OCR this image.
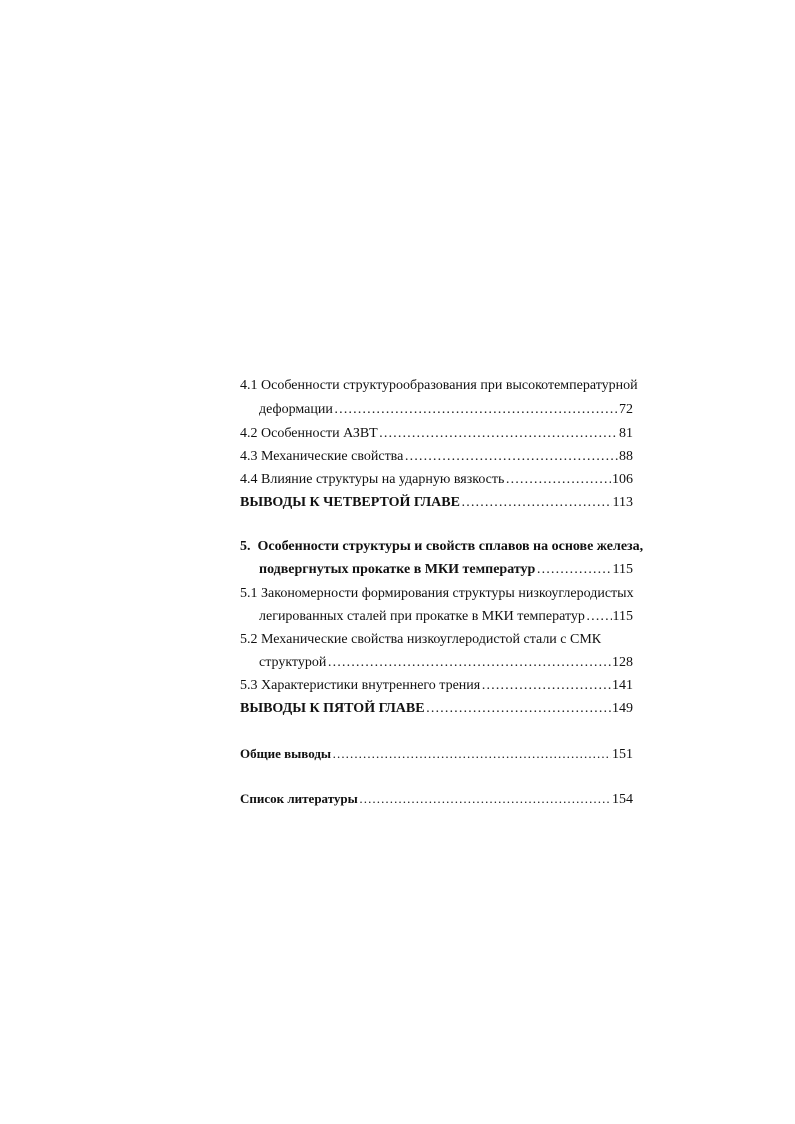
4.1 Особенности структурообразования при высокотемпературной
деформации ……………………………………………………………………………………………………………………………………	72
4.2 Особенности АЗВТ ……………………………………………………………………………………………………………………………………	81
4.3 Механические свойства ……………………………………………………………………………………………………………………………………	88
4.4 Влияние структуры на ударную вязкость ……………………………………………………………………………………………………………………………………	106
ВЫВОДЫ К ЧЕТВЕРТОЙ ГЛАВЕ ……………………………………………………………………………………………………………………………………	113
5.  Особенности структуры и свойств сплавов на основе железа,
подвергнутых прокатке в МКИ температур ……………………………………………………………………………………………………………………………………	115
5.1 Закономерности формирования структуры низкоуглеродистых
легированных сталей при прокатке в МКИ температур …………………………………………………………………………………………………………………………………… 115
5.2 Механические свойства низкоуглеродистой стали с СМК
структурой ……………………………………………………………………………………………………………………………………	128
5.3 Характеристики внутреннего трения ……………………………………………………………………………………………………………………………………	141
ВЫВОДЫ К ПЯТОЙ ГЛАВЕ ……………………………………………………………………………………………………………………………………	149
Общие выводы ……………………………………………………………………………………………………………………………………	151
Список литературы ……………………………………………………………………………………………………………………………………	154
